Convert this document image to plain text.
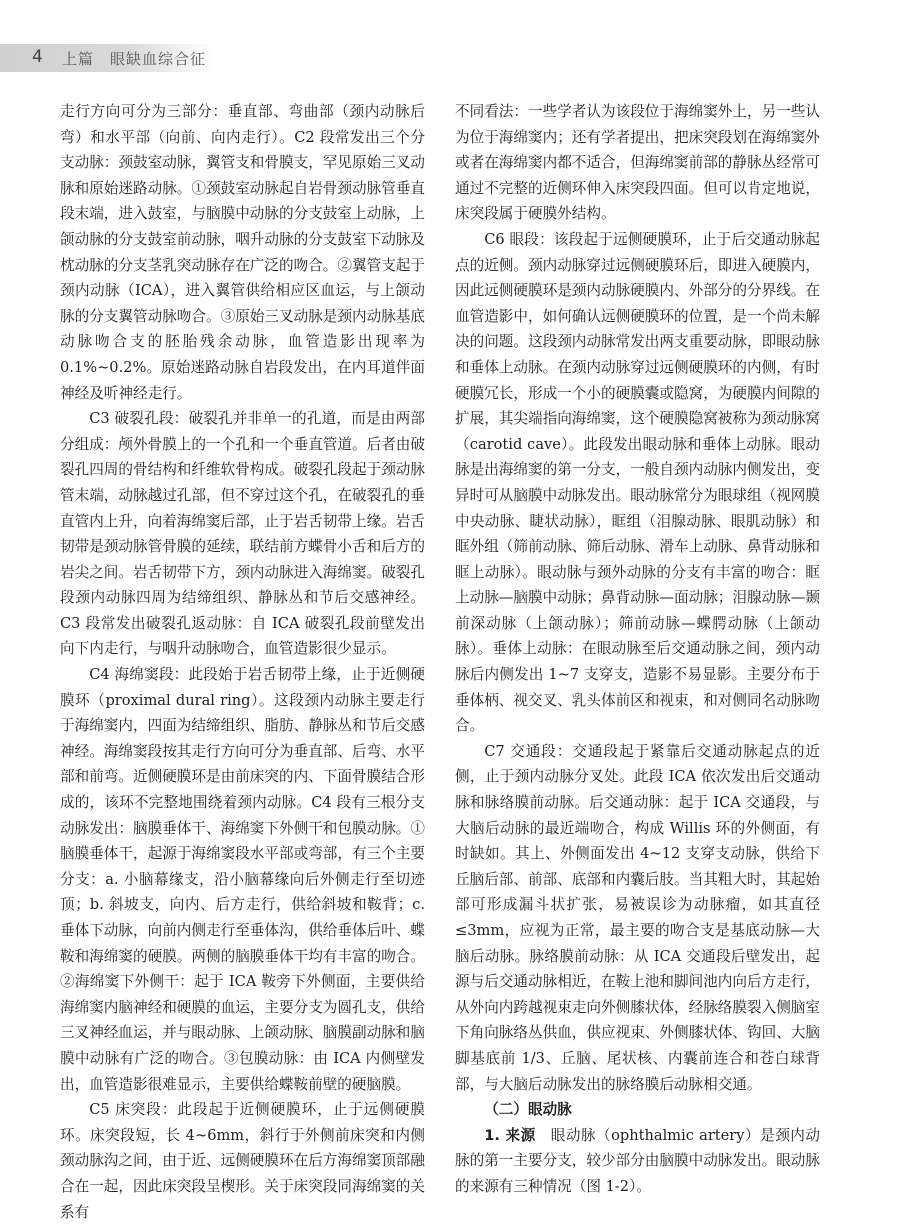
4 上篇　眼缺血综合征

走行方向可分为三部分：垂直部、弯曲部（颈内动脉后弯）和水平部（向前、向内走行）。C2 段常发出三个分支动脉：颈鼓室动脉，翼管支和骨膜支，罕见原始三叉动脉和原始迷路动脉。①颈鼓室动脉起自岩骨颈动脉管垂直段末端，进入鼓室，与脑膜中动脉的分支鼓室上动脉，上颌动脉的分支鼓室前动脉，咽升动脉的分支鼓室下动脉及枕动脉的分支茎乳突动脉存在广泛的吻合。②翼管支起于颈内动脉（ICA），进入翼管供给相应区血运，与上颌动脉的分支翼管动脉吻合。③原始三叉动脉是颈内动脉基底动脉吻合支的胚胎残余动脉，血管造影出现率为 0.1%~0.2%。原始迷路动脉自岩段发出，在内耳道伴面神经及听神经走行。

C3 破裂孔段：破裂孔并非单一的孔道，而是由两部分组成：颅外骨膜上的一个孔和一个垂直管道。后者由破裂孔四周的骨结构和纤维软骨构成。破裂孔段起于颈动脉管末端，动脉越过孔部，但不穿过这个孔，在破裂孔的垂直管内上升，向着海绵窦后部，止于岩舌韧带上缘。岩舌韧带是颈动脉管骨膜的延续，联结前方蝶骨小舌和后方的岩尖之间。岩舌韧带下方，颈内动脉进入海绵窦。破裂孔段颈内动脉四周为结缔组织、静脉丛和节后交感神经。C3 段常发出破裂孔返动脉：自 ICA 破裂孔段前壁发出向下内走行，与咽升动脉吻合，血管造影很少显示。

C4 海绵窦段：此段始于岩舌韧带上缘，止于近侧硬膜环（proximal dural ring）。这段颈内动脉主要走行于海绵窦内，四面为结缔组织、脂肪、静脉丛和节后交感神经。海绵窦段按其走行方向可分为垂直部、后弯、水平部和前弯。近侧硬膜环是由前床突的内、下面骨膜结合形成的，该环不完整地围绕着颈内动脉。C4 段有三根分支动脉发出：脑膜垂体干、海绵窦下外侧干和包膜动脉。①脑膜垂体干，起源于海绵窦段水平部或弯部，有三个主要分支：a. 小脑幕缘支，沿小脑幕缘向后外侧走行至切迹顶；b. 斜坡支，向内、后方走行，供给斜坡和鞍背；c. 垂体下动脉，向前内侧走行至垂体沟，供给垂体后叶、蝶鞍和海绵窦的硬膜。两侧的脑膜垂体干均有丰富的吻合。②海绵窦下外侧干：起于 ICA 鞍旁下外侧面，主要供给海绵窦内脑神经和硬膜的血运，主要分支为圆孔支，供给三叉神经血运，并与眼动脉、上颌动脉、脑膜副动脉和脑膜中动脉有广泛的吻合。③包膜动脉：由 ICA 内侧壁发出，血管造影很难显示，主要供给蝶鞍前壁的硬脑膜。

C5 床突段：此段起于近侧硬膜环，止于远侧硬膜环。床突段短，长 4~6mm，斜行于外侧前床突和内侧颈动脉沟之间，由于近、远侧硬膜环在后方海绵窦顶部融合在一起，因此床突段呈楔形。关于床突段同海绵窦的关系有

不同看法：一些学者认为该段位于海绵窦外上，另一些认为位于海绵窦内；还有学者提出，把床突段划在海绵窦外或者在海绵窦内都不适合，但海绵窦前部的静脉丛经常可通过不完整的近侧环伸入床突段四面。但可以肯定地说，床突段属于硬膜外结构。

C6 眼段：该段起于远侧硬膜环，止于后交通动脉起点的近侧。颈内动脉穿过远侧硬膜环后，即进入硬膜内，因此远侧硬膜环是颈内动脉硬膜内、外部分的分界线。在血管造影中，如何确认远侧硬膜环的位置，是一个尚未解决的问题。这段颈内动脉常发出两支重要动脉，即眼动脉和垂体上动脉。在颈内动脉穿过远侧硬膜环的内侧，有时硬膜冗长，形成一个小的硬膜囊或隐窝，为硬膜内间隙的扩展，其尖端指向海绵窦，这个硬膜隐窝被称为颈动脉窝（carotid cave）。此段发出眼动脉和垂体上动脉。眼动脉是出海绵窦的第一分支，一般自颈内动脉内侧发出，变异时可从脑膜中动脉发出。眼动脉常分为眼球组（视网膜中央动脉、睫状动脉），眶组（泪腺动脉、眼肌动脉）和眶外组（筛前动脉、筛后动脉、滑车上动脉、鼻背动脉和眶上动脉）。眼动脉与颈外动脉的分支有丰富的吻合：眶上动脉—脑膜中动脉；鼻背动脉—面动脉；泪腺动脉—颞前深动脉（上颌动脉）；筛前动脉—蝶腭动脉（上颌动脉）。垂体上动脉：在眼动脉至后交通动脉之间，颈内动脉后内侧发出 1~7 支穿支，造影不易显影。主要分布于垂体柄、视交叉、乳头体前区和视束，和对侧同名动脉吻合。

C7 交通段：交通段起于紧靠后交通动脉起点的近侧，止于颈内动脉分叉处。此段 ICA 依次发出后交通动脉和脉络膜前动脉。后交通动脉：起于 ICA 交通段，与大脑后动脉的最近端吻合，构成 Willis 环的外侧面，有时缺如。其上、外侧面发出 4~12 支穿支动脉，供给下丘脑后部、前部、底部和内囊后肢。当其粗大时，其起始部可形成漏斗状扩张，易被误诊为动脉瘤，如其直径≤3mm，应视为正常，最主要的吻合支是基底动脉—大脑后动脉。脉络膜前动脉：从 ICA 交通段后壁发出，起源与后交通动脉相近，在鞍上池和脚间池内向后方走行，从外向内跨越视束走向外侧膝状体，经脉络膜裂入侧脑室下角向脉络丛供血，供应视束、外侧膝状体、钩回、大脑脚基底前 1/3、丘脑、尾状核、内囊前连合和苍白球背部，与大脑后动脉发出的脉络膜后动脉相交通。

（二）眼动脉

1. 来源　眼动脉（ophthalmic artery）是颈内动脉的第一主要分支，较少部分由脑膜中动脉发出。眼动脉的来源有三种情况（图 1-2）。
